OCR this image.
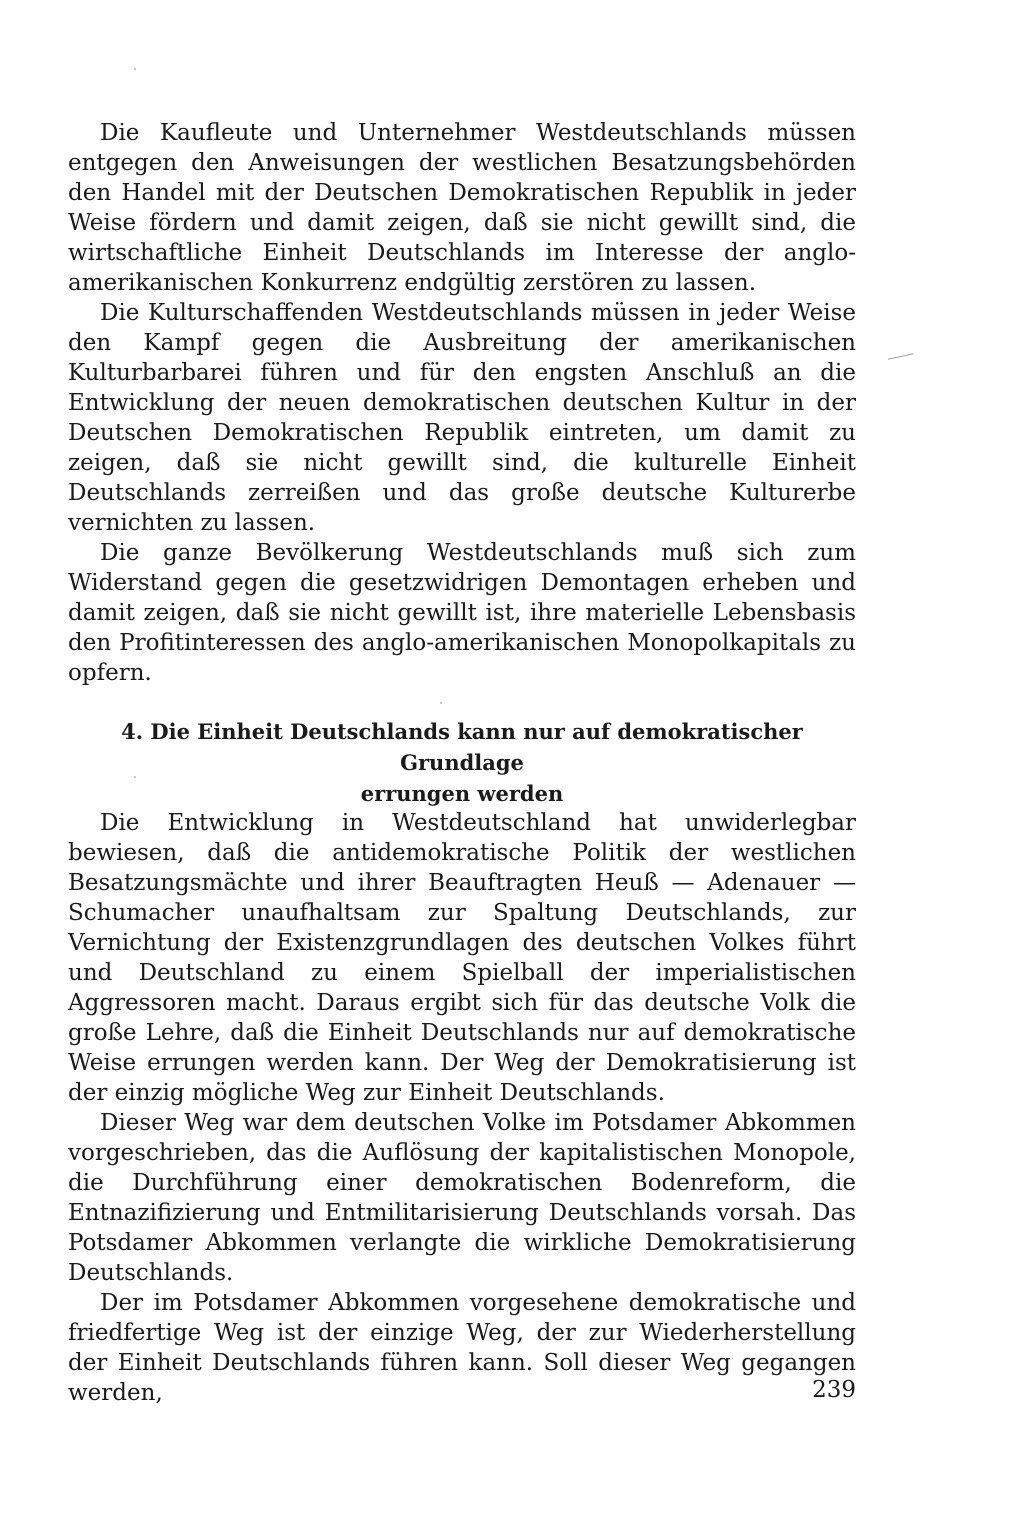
Die Kaufleute und Unternehmer Westdeutschlands müssen entgegen den Anweisungen der westlichen Besatzungsbehörden den Handel mit der Deutschen Demokratischen Republik in jeder Weise fördern und damit zeigen, daß sie nicht gewillt sind, die wirtschaftliche Einheit Deutschlands im Interesse der anglo-amerikanischen Konkurrenz endgültig zerstören zu lassen.

Die Kulturschaffenden Westdeutschlands müssen in jeder Weise den Kampf gegen die Ausbreitung der amerikanischen Kulturbarbarei führen und für den engsten Anschluß an die Entwicklung der neuen demokratischen deutschen Kultur in der Deutschen Demokratischen Republik eintreten, um damit zu zeigen, daß sie nicht gewillt sind, die kulturelle Einheit Deutschlands zerreißen und das große deutsche Kulturerbe vernichten zu lassen.

Die ganze Bevölkerung Westdeutschlands muß sich zum Widerstand gegen die gesetzwidrigen Demontagen erheben und damit zeigen, daß sie nicht gewillt ist, ihre materielle Lebensbasis den Profitinteressen des anglo-amerikanischen Monopolkapitals zu opfern.

4. Die Einheit Deutschlands kann nur auf demokratischer Grundlage
errungen werden

Die Entwicklung in Westdeutschland hat unwiderlegbar bewiesen, daß die antidemokratische Politik der westlichen Besatzungsmächte und ihrer Beauftragten Heuß — Adenauer — Schumacher unaufhaltsam zur Spaltung Deutschlands, zur Vernichtung der Existenzgrundlagen des deutschen Volkes führt und Deutschland zu einem Spielball der imperialistischen Aggressoren macht. Daraus ergibt sich für das deutsche Volk die große Lehre, daß die Einheit Deutschlands nur auf demokratische Weise errungen werden kann. Der Weg der Demokratisierung ist der einzig mögliche Weg zur Einheit Deutschlands.

Dieser Weg war dem deutschen Volke im Potsdamer Abkommen vorgeschrieben, das die Auflösung der kapitalistischen Monopole, die Durchführung einer demokratischen Bodenreform, die Entnazifizierung und Entmilitarisierung Deutschlands vorsah. Das Potsdamer Abkommen verlangte die wirkliche Demokratisierung Deutschlands.

Der im Potsdamer Abkommen vorgesehene demokratische und friedfertige Weg ist der einzige Weg, der zur Wiederherstellung der Einheit Deutschlands führen kann. Soll dieser Weg gegangen werden,	239
